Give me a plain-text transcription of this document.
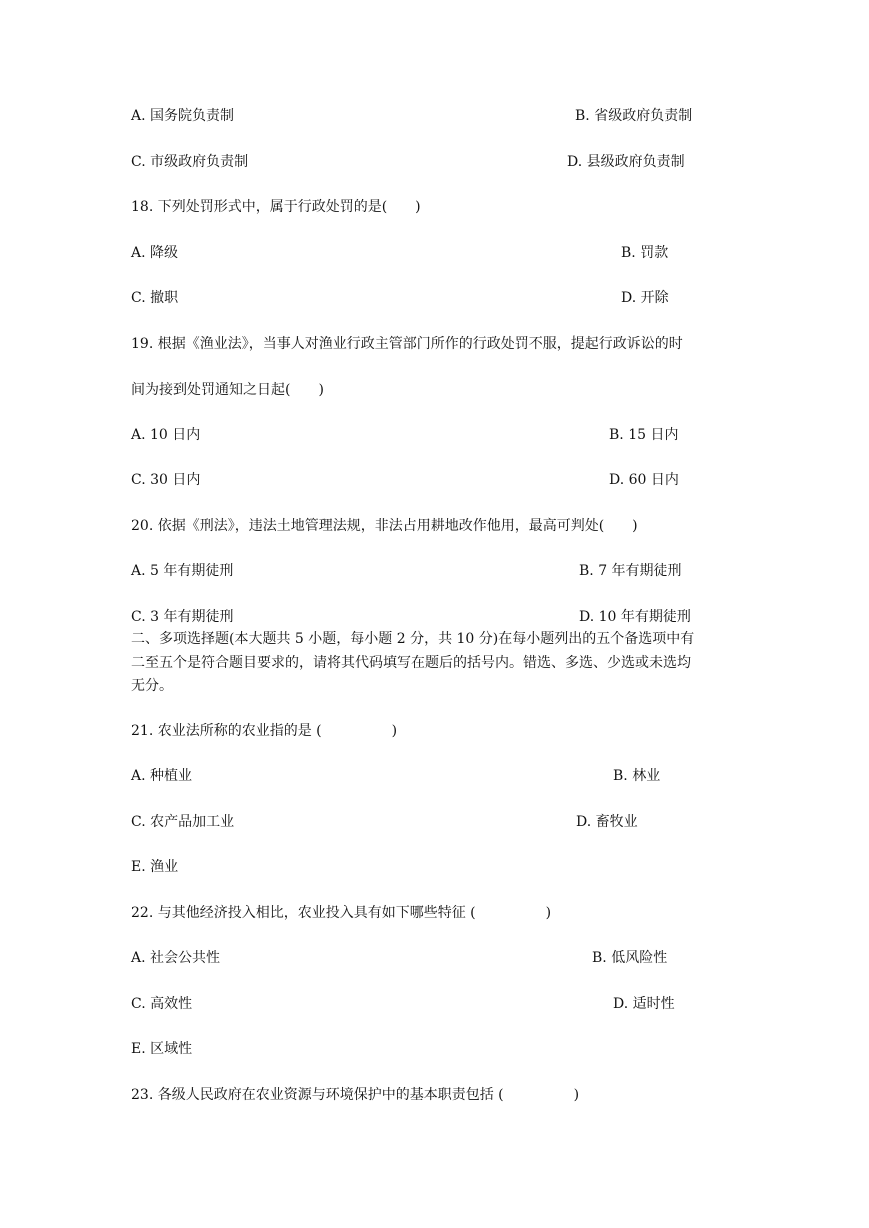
A. 国务院负责制	B. 省级政府负责制
C. 市级政府负责制	D. 县级政府负责制
18. 下列处罚形式中，属于行政处罚的是(　　)
A. 降级	B. 罚款
C. 撤职	D. 开除
19. 根据《渔业法》，当事人对渔业行政主管部门所作的行政处罚不服，提起行政诉讼的时
间为接到处罚通知之日起(　　)
A. 10 日内	B. 15 日内
C. 30 日内	D. 60 日内
20. 依据《刑法》，违法土地管理法规，非法占用耕地改作他用，最高可判处(　　)
A. 5 年有期徒刑	B. 7 年有期徒刑
C. 3 年有期徒刑	D. 10 年有期徒刑
二、多项选择题(本大题共 5 小题，每小题 2 分，共 10 分)在每小题列出的五个备选项中有
二至五个是符合题目要求的，请将其代码填写在题后的括号内。错选、多选、少选或未选均
无分。
21. 农业法所称的农业指的是 (　　　　　)
A. 种植业	B. 林业
C. 农产品加工业	D. 畜牧业
E. 渔业
22. 与其他经济投入相比，农业投入具有如下哪些特征 (　　　　　)
B. 低风险性
A. 社会公共性
C. 高效性	D. 适时性
E. 区域性
23. 各级人民政府在农业资源与环境保护中的基本职责包括 (　　　　　)
